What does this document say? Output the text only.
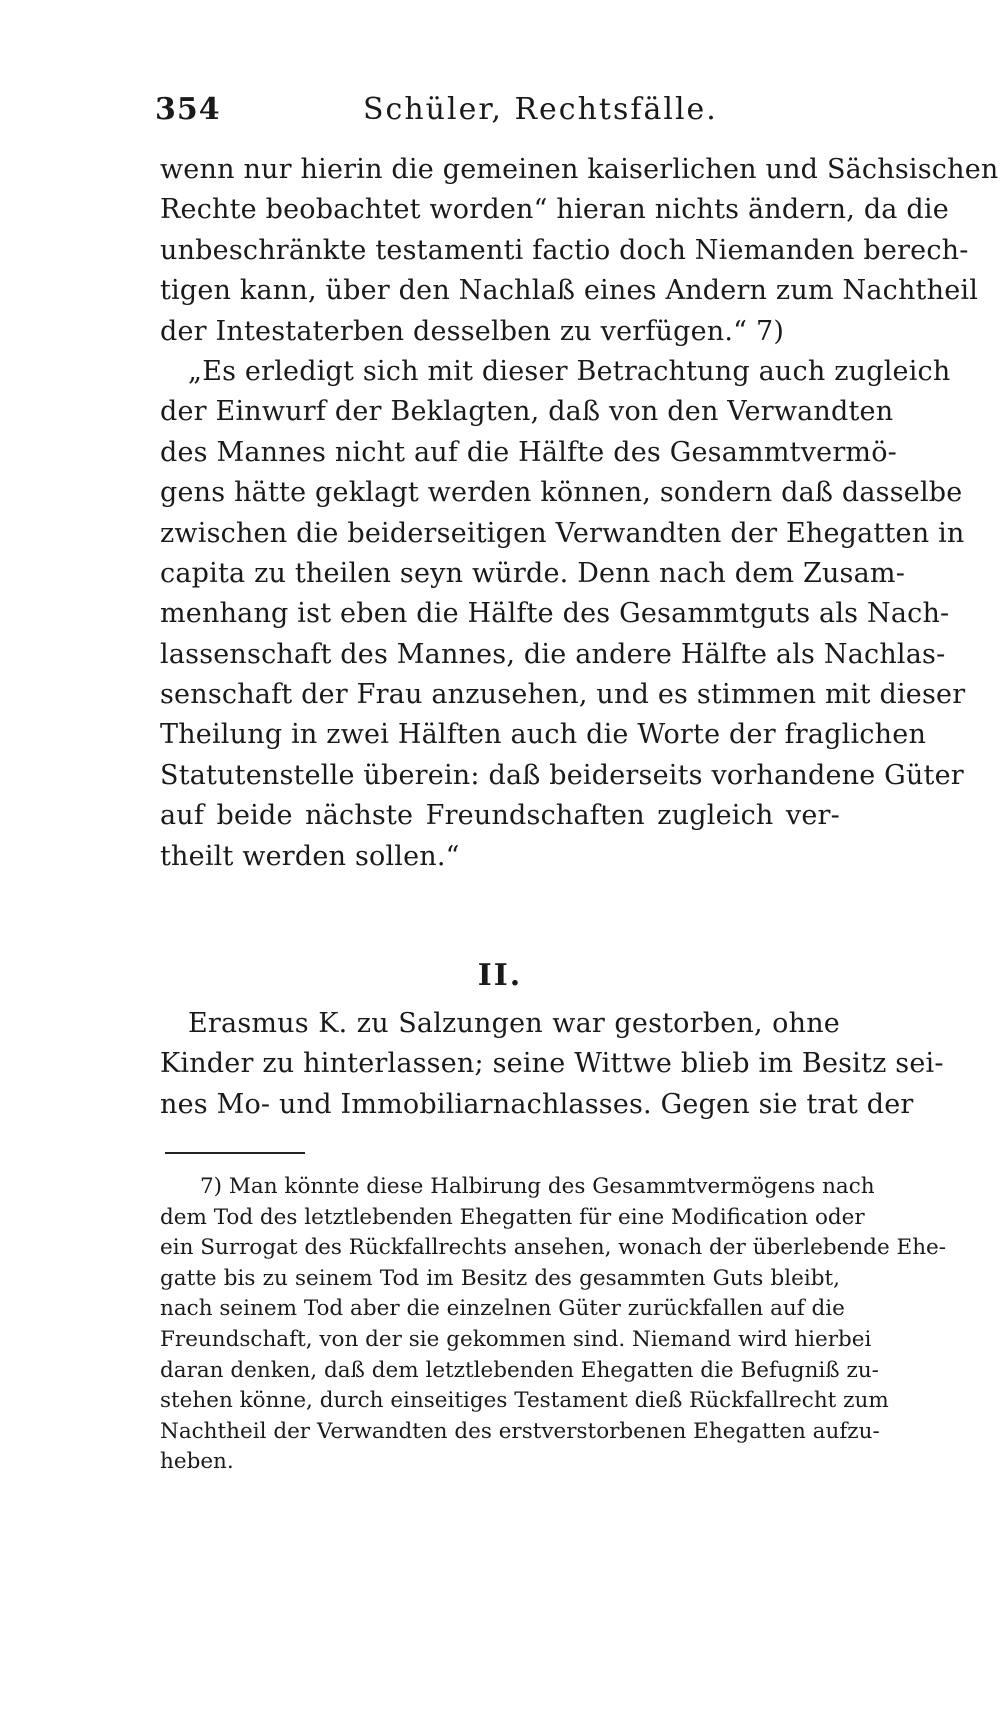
354	Schüler, Rechtsfälle.
wenn nur hierin die gemeinen kaiserlichen und Sächsischen
Rechte beobachtet worden“ hieran nichts ändern, da die
unbeschränkte testamenti factio doch Niemanden berech-
tigen kann, über den Nachlaß eines Andern zum Nachtheil
der Intestaterben desselben zu verfügen.“ 7)
„Es erledigt sich mit dieser Betrachtung auch zugleich
der Einwurf der Beklagten, daß von den Verwandten
des Mannes nicht auf die Hälfte des Gesammtvermö-
gens hätte geklagt werden können, sondern daß dasselbe
zwischen die beiderseitigen Verwandten der Ehegatten in
capita zu theilen seyn würde. Denn nach dem Zusam-
menhang ist eben die Hälfte des Gesammtguts als Nach-
lassenschaft des Mannes, die andere Hälfte als Nachlas-
senschaft der Frau anzusehen, und es stimmen mit dieser
Theilung in zwei Hälften auch die Worte der fraglichen
Statutenstelle überein: daß beiderseits vorhandene Güter
auf beide nächste Freundschaften zugleich ver-
theilt werden sollen.“
II.
Erasmus K. zu Salzungen war gestorben, ohne
Kinder zu hinterlassen; seine Wittwe blieb im Besitz sei-
nes Mo- und Immobiliarnachlasses. Gegen sie trat der
7) Man könnte diese Halbirung des Gesammtvermögens nach
dem Tod des letztlebenden Ehegatten für eine Modification oder
ein Surrogat des Rückfallrechts ansehen, wonach der überlebende Ehe-
gatte bis zu seinem Tod im Besitz des gesammten Guts bleibt,
nach seinem Tod aber die einzelnen Güter zurückfallen auf die
Freundschaft, von der sie gekommen sind. Niemand wird hierbei
daran denken, daß dem letztlebenden Ehegatten die Befugniß zu-
stehen könne, durch einseitiges Testament dieß Rückfallrecht zum
Nachtheil der Verwandten des erstverstorbenen Ehegatten aufzu-
heben.
